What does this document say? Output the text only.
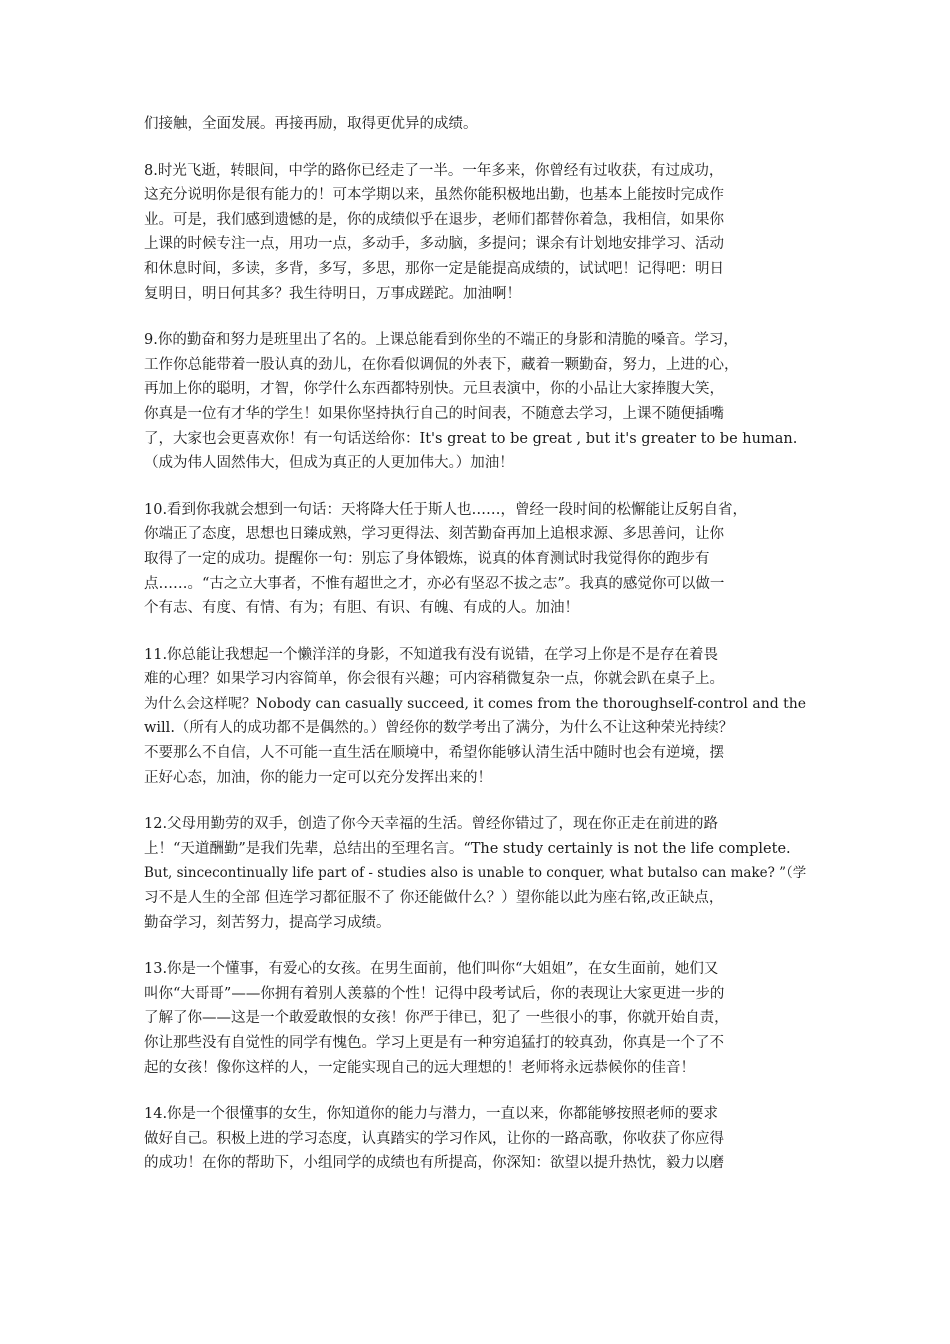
们接触，全面发展。再接再励，取得更优异的成绩。

8.时光飞逝，转眼间，中学的路你已经走了一半。一年多来，你曾经有过收获，有过成功，
这充分说明你是很有能力的！可本学期以来，虽然你能积极地出勤，也基本上能按时完成作
业。可是，我们感到遗憾的是，你的成绩似乎在退步，老师们都替你着急，我相信，如果你
上课的时候专注一点，用功一点，多动手，多动脑，多提问；课余有计划地安排学习、活动
和休息时间，多读，多背，多写，多思，那你一定是能提高成绩的，试试吧！记得吧：明日
复明日，明日何其多？我生待明日，万事成蹉跎。加油啊！

9.你的勤奋和努力是班里出了名的。上课总能看到你坐的不端正的身影和清脆的嗓音。学习，
工作你总能带着一股认真的劲儿，在你看似调侃的外表下，藏着一颗勤奋，努力，上进的心，
再加上你的聪明，才智，你学什么东西都特别快。元旦表演中，你的小品让大家捧腹大笑，
你真是一位有才华的学生！如果你坚持执行自己的时间表，不随意去学习，上课不随便插嘴
了，大家也会更喜欢你！有一句话送给你：It's great to be great , but it's greater to be human.
（成为伟人固然伟大，但成为真正的人更加伟大。）加油！

10.看到你我就会想到一句话：天将降大任于斯人也……，曾经一段时间的松懈能让反躬自省，
你端正了态度，思想也日臻成熟，学习更得法、刻苦勤奋再加上追根求源、多思善问，让你
取得了一定的成功。提醒你一句：别忘了身体锻炼，说真的体育测试时我觉得你的跑步有
点……。“古之立大事者，不惟有超世之才，亦必有坚忍不拔之志”。我真的感觉你可以做一
个有志、有度、有情、有为；有胆、有识、有魄、有成的人。加油！

11.你总能让我想起一个懒洋洋的身影，不知道我有没有说错，在学习上你是不是存在着畏
难的心理？如果学习内容简单，你会很有兴趣；可内容稍微复杂一点，你就会趴在桌子上。
为什么会这样呢？Nobody can casually succeed, it comes from the thoroughself-control and the
will.（所有人的成功都不是偶然的。）曾经你的数学考出了满分，为什么不让这种荣光持续？
不要那么不自信，人不可能一直生活在顺境中，希望你能够认清生活中随时也会有逆境，摆
正好心态，加油，你的能力一定可以充分发挥出来的！

12.父母用勤劳的双手，创造了你今天幸福的生活。曾经你错过了，现在你正走在前进的路
上！“天道酬勤”是我们先辈，总结出的至理名言。“The study certainly is not the life complete.
But, sincecontinually life part of - studies also is unable to conquer, what butalso can make? ”（学
习不是人生的全部 但连学习都征服不了 你还能做什么？）望你能以此为座右铭,改正缺点，
勤奋学习，刻苦努力，提高学习成绩。

13.你是一个懂事，有爱心的女孩。在男生面前，他们叫你“大姐姐”，在女生面前，她们又
叫你“大哥哥”——你拥有着别人羡慕的个性！记得中段考试后，你的表现让大家更进一步的
了解了你——这是一个敢爱敢恨的女孩！你严于律已，犯了 一些很小的事，你就开始自责，
你让那些没有自觉性的同学有愧色。学习上更是有一种穷追猛打的较真劲，你真是一个了不
起的女孩！像你这样的人，一定能实现自己的远大理想的！老师将永远恭候你的佳音！

14.你是一个很懂事的女生，你知道你的能力与潜力，一直以来，你都能够按照老师的要求
做好自己。积极上进的学习态度，认真踏实的学习作风，让你的一路高歌，你收获了你应得
的成功！在你的帮助下，小组同学的成绩也有所提高，你深知：欲望以提升热忱，毅力以磨
